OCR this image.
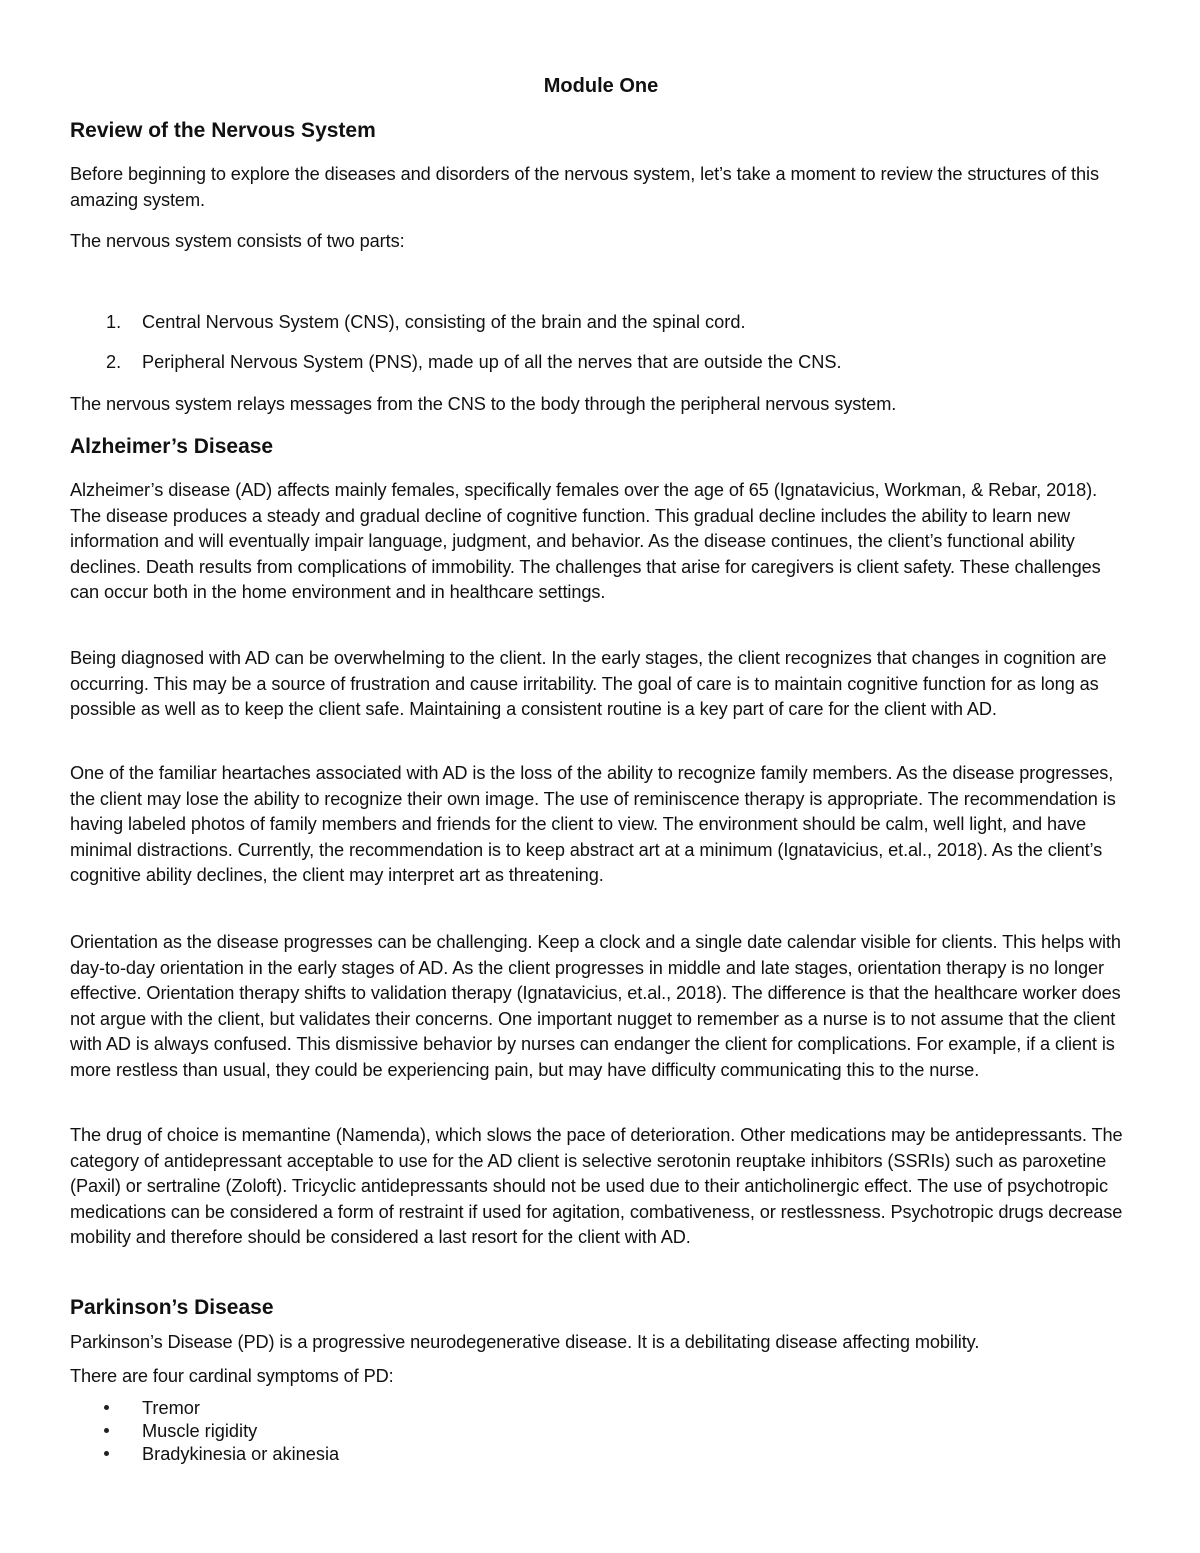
Module One
Review of the Nervous System
Before beginning to explore the diseases and disorders of the nervous system, let’s take a moment to review the structures of this amazing system.
The nervous system consists of two parts:
1. Central Nervous System (CNS), consisting of the brain and the spinal cord.
2. Peripheral Nervous System (PNS), made up of all the nerves that are outside the CNS.
The nervous system relays messages from the CNS to the body through the peripheral nervous system.
Alzheimer’s Disease
Alzheimer’s disease (AD) affects mainly females, specifically females over the age of 65 (Ignatavicius, Workman, & Rebar, 2018). The disease produces a steady and gradual decline of cognitive function. This gradual decline includes the ability to learn new information and will eventually impair language, judgment, and behavior. As the disease continues, the client’s functional ability declines. Death results from complications of immobility. The challenges that arise for caregivers is client safety. These challenges can occur both in the home environment and in healthcare settings.
Being diagnosed with AD can be overwhelming to the client. In the early stages, the client recognizes that changes in cognition are occurring. This may be a source of frustration and cause irritability. The goal of care is to maintain cognitive function for as long as possible as well as to keep the client safe. Maintaining a consistent routine is a key part of care for the client with AD.
One of the familiar heartaches associated with AD is the loss of the ability to recognize family members. As the disease progresses, the client may lose the ability to recognize their own image. The use of reminiscence therapy is appropriate. The recommendation is having labeled photos of family members and friends for the client to view. The environment should be calm, well light, and have minimal distractions. Currently, the recommendation is to keep abstract art at a minimum (Ignatavicius, et.al., 2018). As the client’s cognitive ability declines, the client may interpret art as threatening.
Orientation as the disease progresses can be challenging. Keep a clock and a single date calendar visible for clients. This helps with day-to-day orientation in the early stages of AD. As the client progresses in middle and late stages, orientation therapy is no longer effective. Orientation therapy shifts to validation therapy (Ignatavicius, et.al., 2018). The difference is that the healthcare worker does not argue with the client, but validates their concerns. One important nugget to remember as a nurse is to not assume that the client with AD is always confused. This dismissive behavior by nurses can endanger the client for complications. For example, if a client is more restless than usual, they could be experiencing pain, but may have difficulty communicating this to the nurse.
The drug of choice is memantine (Namenda), which slows the pace of deterioration. Other medications may be antidepressants. The category of antidepressant acceptable to use for the AD client is selective serotonin reuptake inhibitors (SSRIs) such as paroxetine (Paxil) or sertraline (Zoloft). Tricyclic antidepressants should not be used due to their anticholinergic effect. The use of psychotropic medications can be considered a form of restraint if used for agitation, combativeness, or restlessness. Psychotropic drugs decrease mobility and therefore should be considered a last resort for the client with AD.
Parkinson’s Disease
Parkinson’s Disease (PD) is a progressive neurodegenerative disease. It is a debilitating disease affecting mobility.
There are four cardinal symptoms of PD:
Tremor
Muscle rigidity
Bradykinesia or akinesia
